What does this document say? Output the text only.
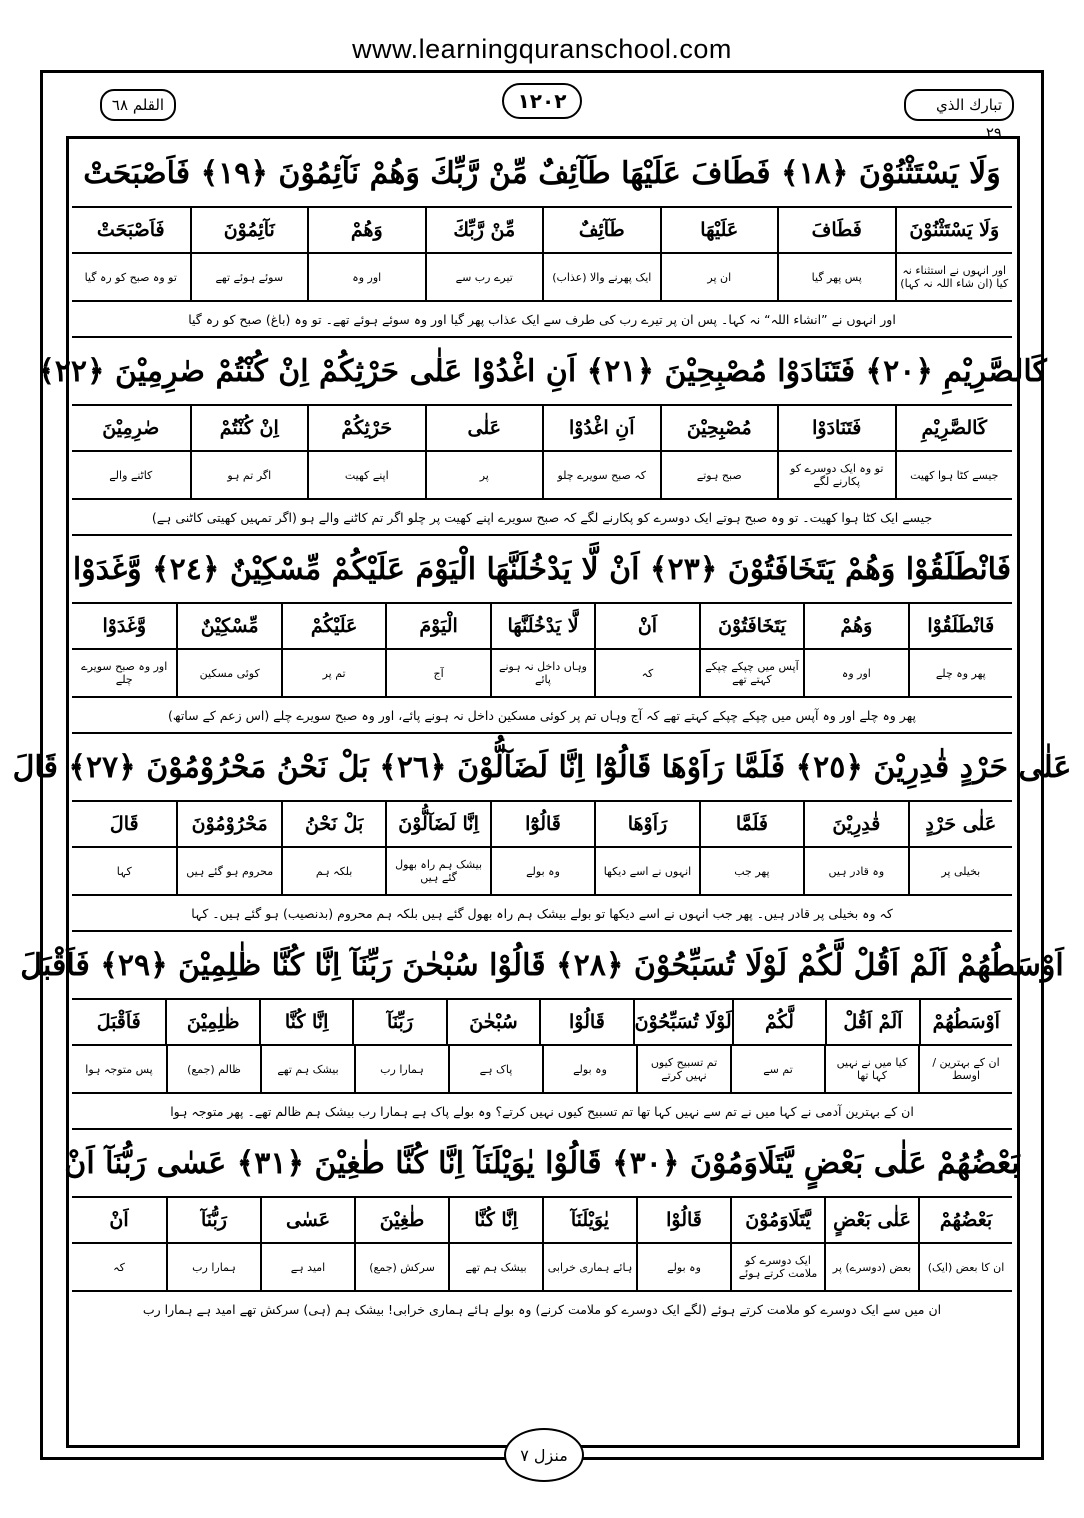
www.learningquranschool.com
القلم ٦٨	١٢٠٢	تبارك الذي ٢٩
وَلَا يَسْتَثْنُوْنَ ﴿١٨﴾ فَطَافَ عَلَيْهَا طَآئِفٌ مِّنْ رَّبِّكَ وَهُمْ نَآئِمُوْنَ ﴿١٩﴾ فَاَصْبَحَتْ
وَلَا يَسْتَثْنُوْنَ
فَطَافَ
عَلَيْهَا
طَآئِفٌ
مِّنْ رَّبِّكَ
وَهُمْ
نَآئِمُوْنَ
فَاَصْبَحَتْ
اور انہوں نے استثناء نہ کیا (ان شاء اللہ نہ کہا)
پس پھر گیا
ان پر
ایک پھرنے والا (عذاب)
تیرے رب سے
اور وہ
سوئے ہوئے تھے
تو وہ صبح کو رہ گیا
اور انہوں نے ”انشاء اللہ“ نہ کہا۔ پس ان پر تیرے رب کی طرف سے ایک عذاب پھر گیا اور وہ سوئے ہوئے تھے۔ تو وہ (باغ) صبح کو رہ گیا
كَالصَّرِيْمِ ﴿٢٠﴾ فَتَنَادَوْا مُصْبِحِيْنَ ﴿٢١﴾ اَنِ اغْدُوْا عَلٰى حَرْثِكُمْ اِنْ كُنْتُمْ صٰرِمِيْنَ ﴿٢٢﴾
كَالصَّرِيْمِ
فَتَنَادَوْا
مُصْبِحِيْنَ
اَنِ اغْدُوْا
عَلٰى
حَرْثِكُمْ
اِنْ كُنْتُمْ
صٰرِمِيْنَ
جیسے کٹا ہوا کھیت
تو وہ ایک دوسرے کو پکارنے لگے
صبح ہوتے
کہ صبح سویرے چلو
پر
اپنے کھیت
اگر تم ہو
کاٹنے والے
جیسے ایک کٹا ہوا کھیت۔ تو وہ صبح ہوتے ایک دوسرے کو پکارنے لگے کہ صبح سویرے اپنے کھیت پر چلو اگر تم کاٹنے والے ہو (اگر تمہیں کھیتی کاٹنی ہے)
فَانْطَلَقُوْا وَهُمْ يَتَخَافَتُوْنَ ﴿٢٣﴾ اَنْ لَّا يَدْخُلَنَّهَا الْيَوْمَ عَلَيْكُمْ مِّسْكِيْنٌ ﴿٢٤﴾ وَّغَدَوْا
فَانْطَلَقُوْا
وَهُمْ
يَتَخَافَتُوْنَ
اَنْ
لَّا يَدْخُلَنَّهَا
الْيَوْمَ
عَلَيْكُمْ
مِّسْكِيْنٌ
وَّغَدَوْا
پھر وہ چلے
اور وہ
آپس میں چپکے چپکے کہتے تھے
کہ
وہاں داخل نہ ہونے پائے
آج
تم پر
کوئی مسکین
اور وہ صبح سویرے چلے
پھر وہ چلے اور وہ آپس میں چپکے چپکے کہتے تھے کہ آج وہاں تم پر کوئی مسکین داخل نہ ہونے پائے، اور وہ صبح سویرے چلے (اس زعم کے ساتھ)
عَلٰى حَرْدٍ قٰدِرِيْنَ ﴿٢٥﴾ فَلَمَّا رَاَوْهَا قَالُوْٓا اِنَّا لَضَآلُّوْنَ ﴿٢٦﴾ بَلْ نَحْنُ مَحْرُوْمُوْنَ ﴿٢٧﴾ قَالَ
عَلٰى حَرْدٍ
قٰدِرِيْنَ
فَلَمَّا
رَاَوْهَا
قَالُوْٓا
اِنَّا لَضَآلُّوْنَ
بَلْ نَحْنُ
مَحْرُوْمُوْنَ
قَالَ
بخیلی پر
وہ قادر ہیں
پھر جب
انہوں نے اسے دیکھا
وہ بولے
بیشک ہم راہ بھول گئے ہیں
بلکہ ہم
محروم ہو گئے ہیں
کہا
کہ وہ بخیلی پر قادر ہیں۔ پھر جب انہوں نے اسے دیکھا تو بولے بیشک ہم راہ بھول گئے ہیں بلکہ ہم محروم (بدنصیب) ہو گئے ہیں۔ کہا
اَوْسَطُهُمْ اَلَمْ اَقُلْ لَّكُمْ لَوْلَا تُسَبِّحُوْنَ ﴿٢٨﴾ قَالُوْا سُبْحٰنَ رَبِّنَآ اِنَّا كُنَّا ظٰلِمِيْنَ ﴿٢٩﴾ فَاَقْبَلَ
اَوْسَطُهُمْ
اَلَمْ اَقُلْ
لَّكُمْ
لَوْلَا تُسَبِّحُوْنَ
قَالُوْا
سُبْحٰنَ
رَبِّنَآ
اِنَّا كُنَّا
ظٰلِمِيْنَ
فَاَقْبَلَ
ان کے بہترین / اوسط
کیا میں نے نہیں کہا تھا
تم سے
تم تسبیح کیوں نہیں کرتے
وہ بولے
پاک ہے
ہمارا رب
بیشک ہم تھے
ظالم (جمع)
پس متوجہ ہوا
ان کے بہترین آدمی نے کہا میں نے تم سے نہیں کہا تھا تم تسبیح کیوں نہیں کرتے؟ وہ بولے پاک ہے ہمارا رب بیشک ہم ظالم تھے۔ پھر متوجہ ہوا
بَعْضُهُمْ عَلٰى بَعْضٍ يَّتَلَاوَمُوْنَ ﴿٣٠﴾ قَالُوْا يٰوَيْلَنَآ اِنَّا كُنَّا طٰغِيْنَ ﴿٣١﴾ عَسٰى رَبُّنَآ اَنْ
بَعْضُهُمْ
عَلٰى بَعْضٍ
يَّتَلَاوَمُوْنَ
قَالُوْا
يٰوَيْلَنَآ
اِنَّا كُنَّا
طٰغِيْنَ
عَسٰى
رَبُّنَآ
اَنْ
ان کا بعض (ایک)
بعض (دوسرے) پر
ایک دوسرے کو ملامت کرتے ہوئے
وہ بولے
ہائے ہماری خرابی
بیشک ہم تھے
سرکش (جمع)
امید ہے
ہمارا رب
کہ
ان میں سے ایک دوسرے کو ملامت کرتے ہوئے (لگے ایک دوسرے کو ملامت کرنے) وہ بولے ہائے ہماری خرابی! بیشک ہم (ہی) سرکش تھے امید ہے ہمارا رب
منزل ٧
